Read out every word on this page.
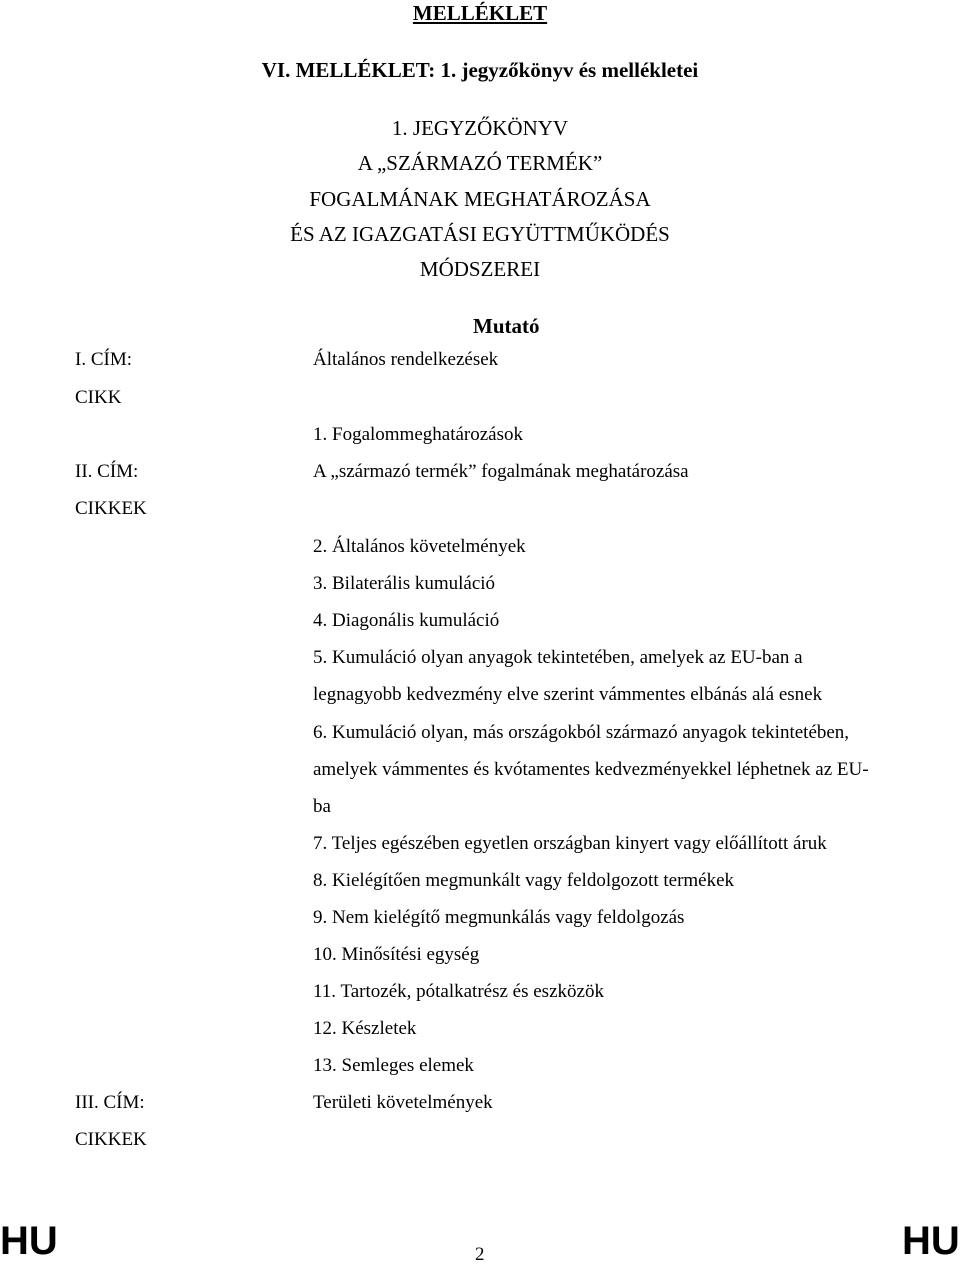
MELLÉKLET
VI. MELLÉKLET: 1. jegyzőkönyv és mellékletei
1. JEGYZŐKÖNYV
A „SZÁRMAZÓ TERMÉK”
FOGALMÁNAK MEGHATÁROZÁSA
ÉS AZ IGAZGATÁSI EGYÜTTMŰKÖDÉS
MÓDSZEREI
Mutató
I. CÍM:
CIKK
II. CÍM:
CIKKEK
III. CÍM:
CIKKEK
Általános rendelkezések
1. Fogalommeghatározások
A „származó termék” fogalmának meghatározása
2. Általános követelmények
3. Bilaterális kumuláció
4. Diagonális kumuláció
5. Kumuláció olyan anyagok tekintetében, amelyek az EU-ban a
legnagyobb kedvezmény elve szerint vámmentes elbánás alá esnek
6. Kumuláció olyan, más országokból származó anyagok tekintetében,
amelyek vámmentes és kvótamentes kedvezményekkel léphetnek az EU-
ba
7. Teljes egészében egyetlen országban kinyert vagy előállított áruk
8. Kielégítően megmunkált vagy feldolgozott termékek
9. Nem kielégítő megmunkálás vagy feldolgozás
10. Minősítési egység
11. Tartozék, pótalkatrész és eszközök
12. Készletek
13. Semleges elemek
Területi követelmények
HU	2	HU
